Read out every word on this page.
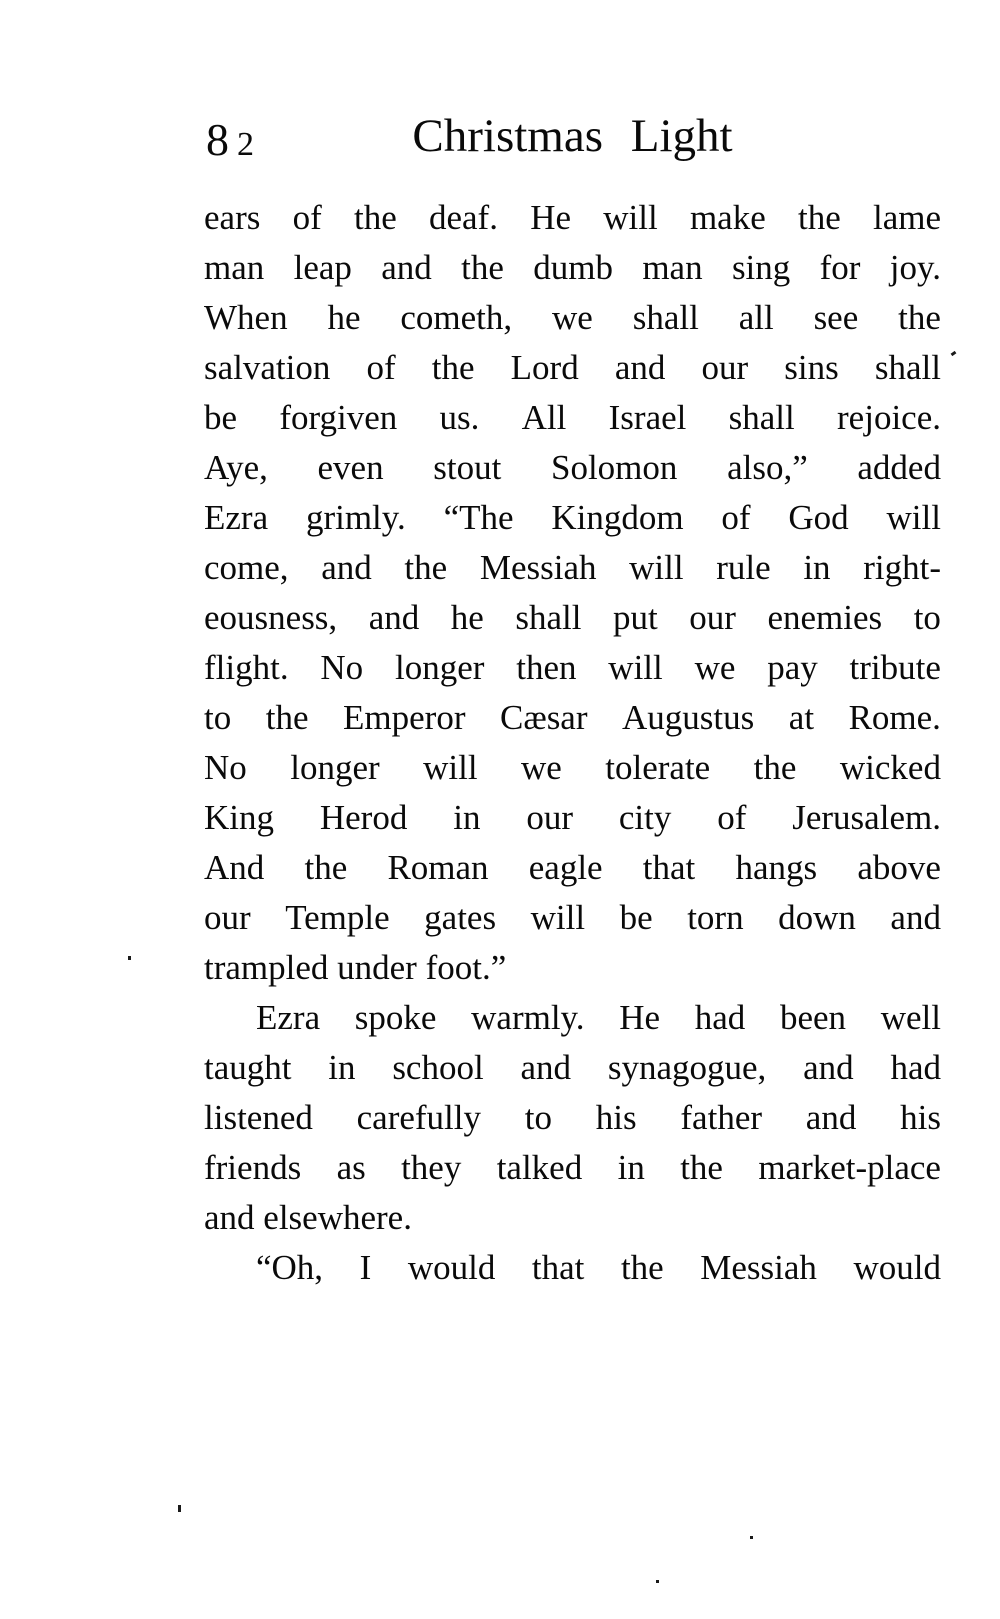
8 2	Christmas Light
ears of the deaf. He will make the lame
man leap and the dumb man sing for joy.
When he cometh, we shall all see the
salvation of the Lord and our sins shall
be forgiven us. All Israel shall rejoice.
Aye, even stout Solomon also,” added
Ezra grimly. “The Kingdom of God will
come, and the Messiah will rule in right-
eousness, and he shall put our enemies to
flight. No longer then will we pay tribute
to the Emperor Cæsar Augustus at Rome.
No longer will we tolerate the wicked
King Herod in our city of Jerusalem.
And the Roman eagle that hangs above
our Temple gates will be torn down and
trampled under foot.”
Ezra spoke warmly. He had been well
taught in school and synagogue, and had
listened carefully to his father and his
friends as they talked in the market-place
and elsewhere.
“Oh, I would that the Messiah would
